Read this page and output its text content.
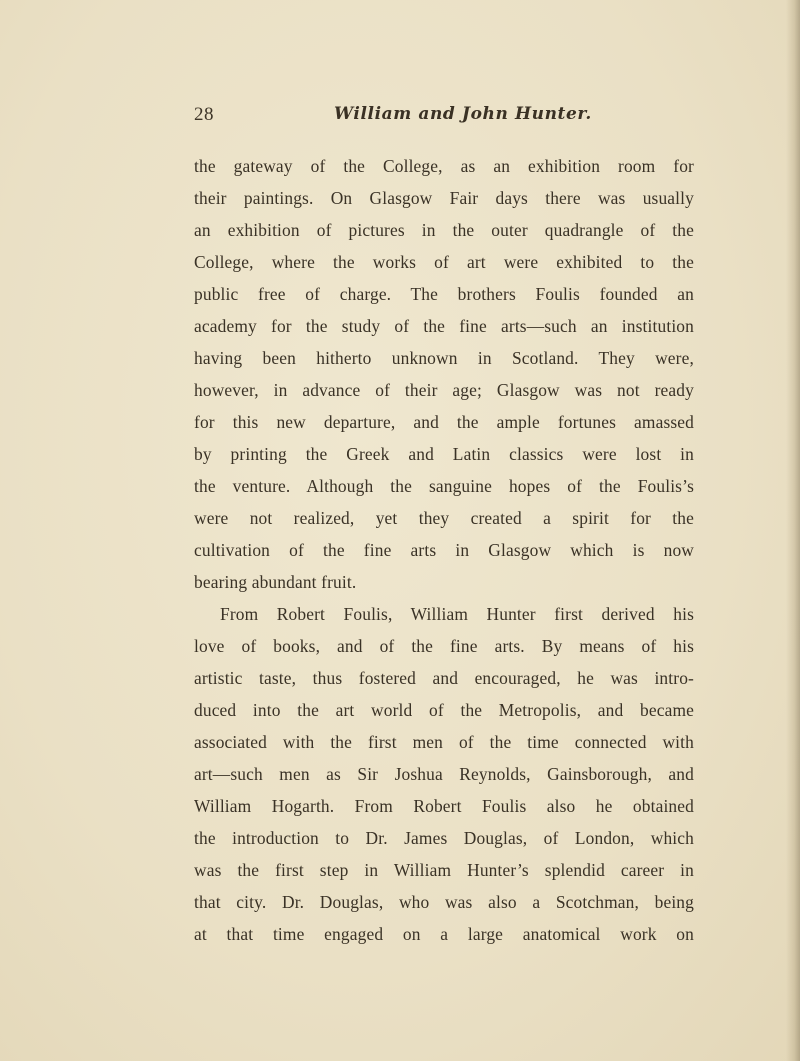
28	William and John Hunter.
the gateway of the College, as an exhibition room for
their paintings. On Glasgow Fair days there was usually
an exhibition of pictures in the outer quadrangle of the
College, where the works of art were exhibited to the
public free of charge. The brothers Foulis founded an
academy for the study of the fine arts—such an institution
having been hitherto unknown in Scotland. They were,
however, in advance of their age; Glasgow was not ready
for this new departure, and the ample fortunes amassed
by printing the Greek and Latin classics were lost in
the venture. Although the sanguine hopes of the Foulis’s
were not realized, yet they created a spirit for the
cultivation of the fine arts in Glasgow which is now
bearing abundant fruit.
From Robert Foulis, William Hunter first derived his
love of books, and of the fine arts. By means of his
artistic taste, thus fostered and encouraged, he was intro-
duced into the art world of the Metropolis, and became
associated with the first men of the time connected with
art—such men as Sir Joshua Reynolds, Gainsborough, and
William Hogarth. From Robert Foulis also he obtained
the introduction to Dr. James Douglas, of London, which
was the first step in William Hunter’s splendid career in
that city. Dr. Douglas, who was also a Scotchman, being
at that time engaged on a large anatomical work on
